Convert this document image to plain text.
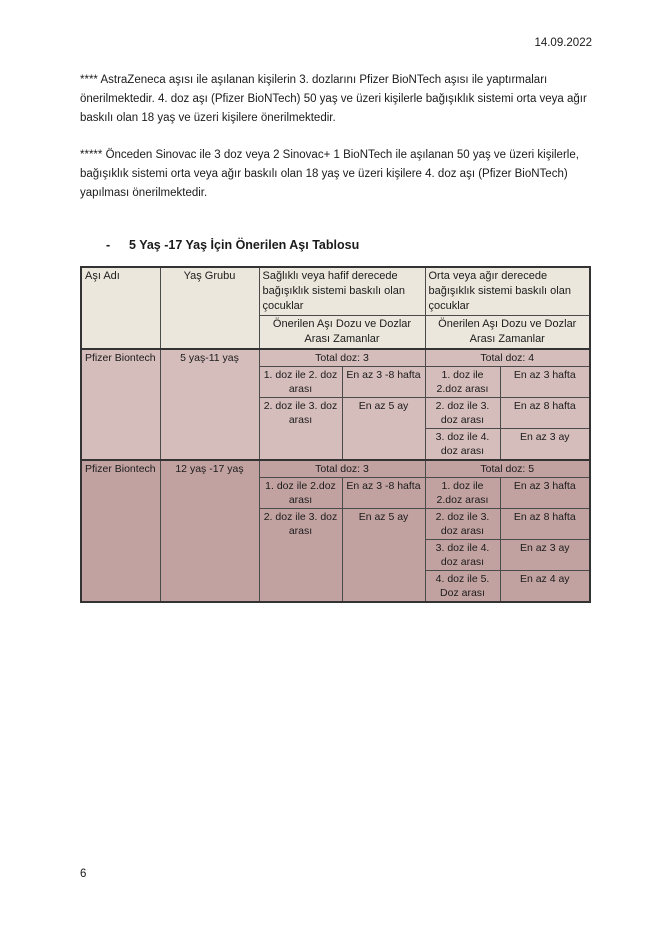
14.09.2022

**** AstraZeneca aşısı ile aşılanan kişilerin 3. dozlarını Pfizer BioNTech aşısı ile yaptırmaları önerilmektedir. 4. doz aşı (Pfizer BioNTech) 50 yaş ve üzeri kişilerle bağışıklık sistemi orta veya ağır baskılı olan 18 yaş ve üzeri kişilere önerilmektedir.

***** Önceden Sinovac ile 3 doz veya 2 Sinovac+ 1 BioNTech ile aşılanan 50 yaş ve üzeri kişilerle, bağışıklık sistemi orta veya ağır baskılı olan 18 yaş ve üzeri kişilere 4. doz aşı (Pfizer BioNTech) yapılması önerilmektedir.

-	5 Yaş -17 Yaş İçin Önerilen Aşı Tablosu
Aşı Adı	Yaş Grubu	Sağlıklı veya hafif derecede bağışıklık sistemi baskılı olan çocuklar		Orta veya ağır derecede bağışıklık sistemi baskılı olan çocuklar	
		Önerilen Aşı Dozu ve Dozlar Arası Zamanlar		Önerilen Aşı Dozu ve Dozlar Arası Zamanlar	
Pfizer Biontech	5 yaş-11 yaş	Total doz: 3		Total doz: 4	
		1. doz ile 2. doz arası	En az 3 -8 hafta	1. doz ile 2.doz arası	En az 3 hafta
		2. doz ile 3. doz arası	En az 5 ay	2. doz ile 3. doz arası	En az 8 hafta
				3. doz ile 4. doz arası	En az 3 ay
Pfizer Biontech	12 yaş -17 yaş	Total doz: 3		Total doz: 5	
		1. doz ile 2.doz arası	En az 3 -8 hafta	1. doz ile 2.doz arası	En az 3 hafta
		2. doz ile 3. doz arası	En az 5 ay	2. doz ile 3. doz arası	En az 8 hafta
				3. doz ile 4. doz arası	En az 3 ay
				4. doz ile 5. Doz arası	En az 4 ay
6
